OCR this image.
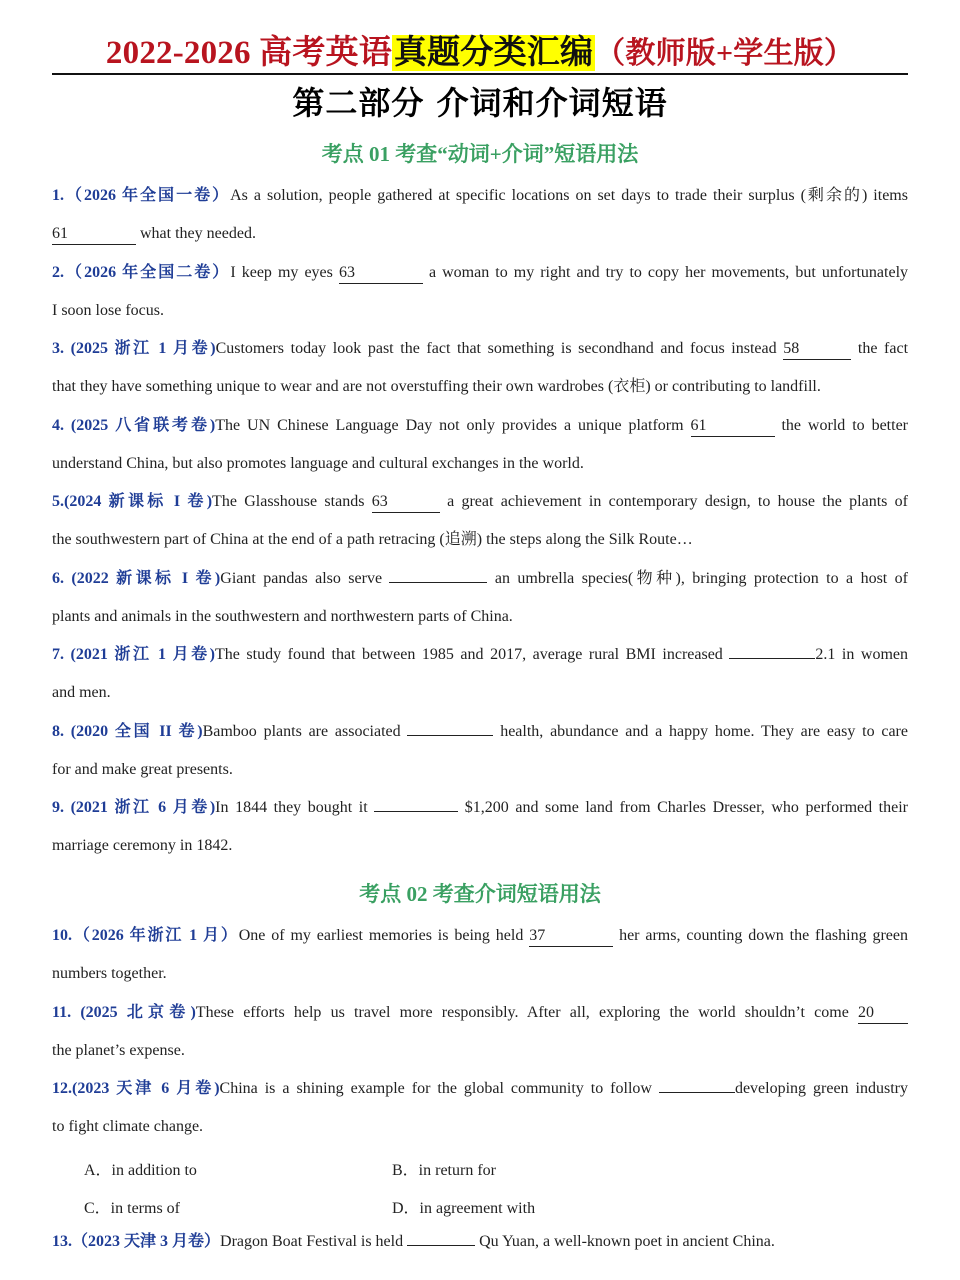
2022-2026 高考英语真题分类汇编（教师版+学生版）
第二部分 介词和介词短语
考点 01 考查“动词+介词”短语用法
1.（2026 年全国一卷）As a solution, people gathered at specific locations on set days to trade their surplus (剩余的) items
61	what they needed.
2.（2026 年全国二卷）I keep my eyes 63	a woman to my right and try to copy her movements, but unfortunately
I soon lose focus.
3. (2025 浙江 1 月卷)Customers today look past the fact that something is secondhand and focus instead 58	the fact
that they have something unique to wear and are not overstuffing their own wardrobes (衣柜) or contributing to landfill.
4. (2025 八省联考卷)The UN Chinese Language Day not only provides a unique platform 61	the world to better
understand China, but also promotes language and cultural exchanges in the world.
5.(2024 新课标 I 卷)The Glasshouse stands 63	a great achievement in contemporary design, to house the plants of
the southwestern part of China at the end of a path retracing (追溯) the steps along the Silk Route…
6. (2022 新课标 I 卷)Giant pandas also serve	an umbrella species(物种), bringing protection to a host of
plants and animals in the southwestern and northwestern parts of China.
7. (2021 浙江 1 月卷)The study found that between 1985 and 2017, average rural BMI increased	2.1 in women
and men.
8. (2020 全国 II 卷)Bamboo plants are associated	health, abundance and a happy home. They are easy to care
for and make great presents.
9. (2021 浙江 6 月卷)In 1844 they bought it	$1,200 and some land from Charles Dresser, who performed their
marriage ceremony in 1842.
考点 02 考查介词短语用法
10.（2026 年浙江 1 月）One of my earliest memories is being held 37	her arms, counting down the flashing green
numbers together.
11. (2025 北京卷)These efforts help us travel more responsibly. After all, exploring the world shouldn’t come 20
the planet’s expense.
12.(2023 天津 6 月卷)China is a shining example for the global community to follow	developing green industry
to fight climate change.
A．in addition to	B．in return for
C．in terms of	D．in agreement with
13.（2023 天津 3 月卷）Dragon Boat Festival is held	Qu Yuan, a well-known poet in ancient China.
